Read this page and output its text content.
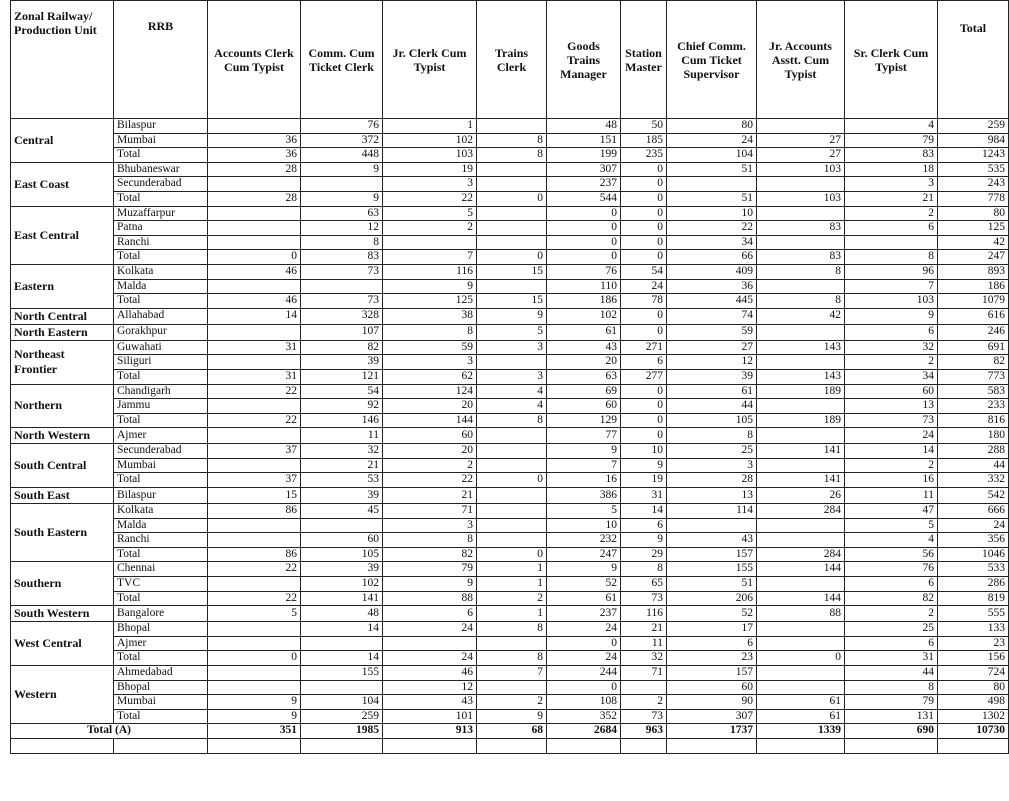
Zonal Railway/ Production Unit	RRB	Accounts Clerk Cum Typist	Comm. Cum Ticket Clerk	Jr. Clerk Cum Typist	Trains Clerk	Goods Trains Manager	Station Master	Chief Comm. Cum Ticket Supervisor	Jr. Accounts Asstt. Cum Typist	Sr. Clerk Cum Typist	Total
Central	Bilaspur		76	1		48	50	80		4	259
	Mumbai	36	372	102	8	151	185	24	27	79	984
	Total	36	448	103	8	199	235	104	27	83	1243
East Coast	Bhubaneswar	28	9	19		307	0	51	103	18	535
	Secunderabad			3		237	0			3	243
	Total	28	9	22	0	544	0	51	103	21	778
East Central	Muzaffarpur		63	5		0	0	10		2	80
	Patna		12	2		0	0	22	83	6	125
	Ranchi		8			0	0	34			42
	Total	0	83	7	0	0	0	66	83	8	247
Eastern	Kolkata	46	73	116	15	76	54	409	8	96	893
	Malda			9		110	24	36		7	186
	Total	46	73	125	15	186	78	445	8	103	1079
North Central	Allahabad	14	328	38	9	102	0	74	42	9	616
North Eastern	Gorakhpur		107	8	5	61	0	59		6	246
Northeast Frontier	Guwahati	31	82	59	3	43	271	27	143	32	691
	Siliguri		39	3		20	6	12		2	82
	Total	31	121	62	3	63	277	39	143	34	773
Northern	Chandigarh	22	54	124	4	69	0	61	189	60	583
	Jammu		92	20	4	60	0	44		13	233
	Total	22	146	144	8	129	0	105	189	73	816
North Western	Ajmer		11	60		77	0	8		24	180
South Central	Secunderabad	37	32	20		9	10	25	141	14	288
	Mumbai		21	2		7	9	3		2	44
	Total	37	53	22	0	16	19	28	141	16	332
South East	Bilaspur	15	39	21		386	31	13	26	11	542
South Eastern	Kolkata	86	45	71		5	14	114	284	47	666
	Malda			3		10	6			5	24
	Ranchi		60	8		232	9	43		4	356
	Total	86	105	82	0	247	29	157	284	56	1046
Southern	Chennai	22	39	79	1	9	8	155	144	76	533
	TVC		102	9	1	52	65	51		6	286
	Total	22	141	88	2	61	73	206	144	82	819
South Western	Bangalore	5	48	6	1	237	116	52	88	2	555
West Central	Bhopal		14	24	8	24	21	17		25	133
	Ajmer					0	11	6		6	23
	Total	0	14	24	8	24	32	23	0	31	156
Western	Ahmedabad		155	46	7	244	71	157		44	724
	Bhopal			12		0		60		8	80
	Mumbai	9	104	43	2	108	2	90	61	79	498
	Total	9	259	101	9	352	73	307	61	131	1302
Total (A)		351	1985	913	68	2684	963	1737	1339	690	10730
